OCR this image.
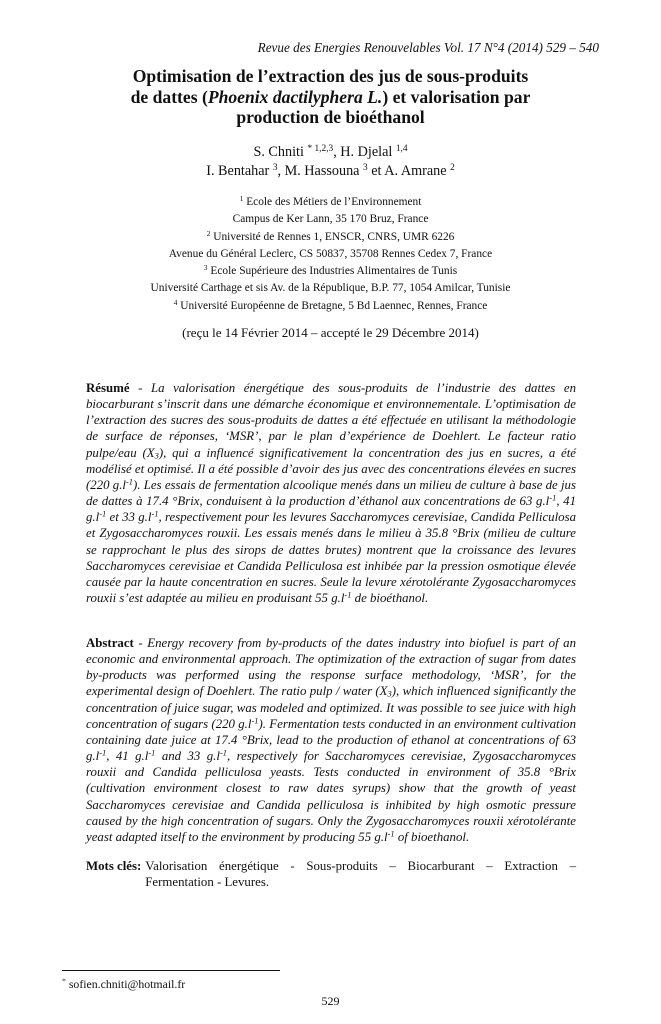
Revue des Energies Renouvelables Vol. 17 N°4 (2014) 529 – 540
Optimisation de l’extraction des jus de sous-produits
de dattes (Phoenix dactilyphera L.) et valorisation par
production de bioéthanol
S. Chniti $^{* 1,2,3}$, H. Djelal $^{1,4}$
I. Bentahar $^3$, M. Hassouna $^3$ et A. Amrane $^2$
$^1$ Ecole des Métiers de l’Environnement
Campus de Ker Lann, 35 170 Bruz, France
$^2$ Université de Rennes 1, ENSCR, CNRS, UMR 6226
Avenue du Général Leclerc, CS 50837, 35708 Rennes Cedex 7, France
$^3$ Ecole Supérieure des Industries Alimentaires de Tunis
Université Carthage et sis Av. de la République, B.P. 77, 1054 Amilcar, Tunisie
$^4$ Université Européenne de Bretagne, 5 Bd Laennec, Rennes, France
(reçu le 14 Février 2014 – accepté le 29 Décembre 2014)

Résumé - La valorisation énergétique des sous-produits de l’industrie des dattes en biocarburant s’inscrit dans une démarche économique et environnementale. L’optimisation de l’extraction des sucres des sous-produits de dattes a été effectuée en utilisant la méthodologie de surface de réponses, ‘MSR’, par le plan d’expérience de Doehlert. Le facteur ratio pulpe/eau $(X_3)$, qui a influencé significativement la concentration des jus en sucres, a été modélisé et optimisé. Il a été possible d’avoir des jus avec des concentrations élevées en sucres (220 $g.l^{-1}$). Les essais de fermentation alcoolique menés dans un milieu de culture à base de jus de dattes à 17.4 °Brix, conduisent à la production d’éthanol aux concentrations de 63 $g.l^{-1}$, 41 $g.l^{-1}$ et 33 $g.l^{-1}$, respectivement pour les levures Saccharomyces cerevisiae, Candida Pelliculosa et Zygosaccharomyces rouxii. Les essais menés dans le milieu à 35.8 °Brix (milieu de culture se rapprochant le plus des sirops de dattes brutes) montrent que la croissance des levures Saccharomyces cerevisiae et Candida Pelliculosa est inhibée par la pression osmotique élevée causée par la haute concentration en sucres. Seule la levure xérotolérante Zygosaccharomyces rouxii s’est adaptée au milieu en produisant 55 $g.l^{-1}$ de bioéthanol.

Abstract - Energy recovery from by-products of the dates industry into biofuel is part of an economic and environmental approach. The optimization of the extraction of sugar from dates by-products was performed using the response surface methodology, ‘MSR’, for the experimental design of Doehlert. The ratio pulp / water $(X_3)$, which influenced significantly the concentration of juice sugar, was modeled and optimized. It was possible to see juice with high concentration of sugars (220 $g.l^{-1}$). Fermentation tests conducted in an environment cultivation containing date juice at 17.4 °Brix, lead to the production of ethanol at concentrations of 63 $g.l^{-1}$, 41 $g.l^{-1}$ and 33 $g.l^{-1}$, respectively for Saccharomyces cerevisiae, Zygosaccharomyces rouxii and Candida pelliculosa yeasts. Tests conducted in environment of 35.8 °Brix (cultivation environment closest to raw dates syrups) show that the growth of yeast Saccharomyces cerevisiae and Candida pelliculosa is inhibited by high osmotic pressure caused by the high concentration of sugars. Only the Zygosaccharomyces rouxii xérotolérante yeast adapted itself to the environment by producing 55 $g.l^{-1}$ of bioethanol.

Mots clés : Valorisation énergétique - Sous-produits – Biocarburant – Extraction – Fermentation - Levures.
* sofien.chniti@hotmail.fr
529
